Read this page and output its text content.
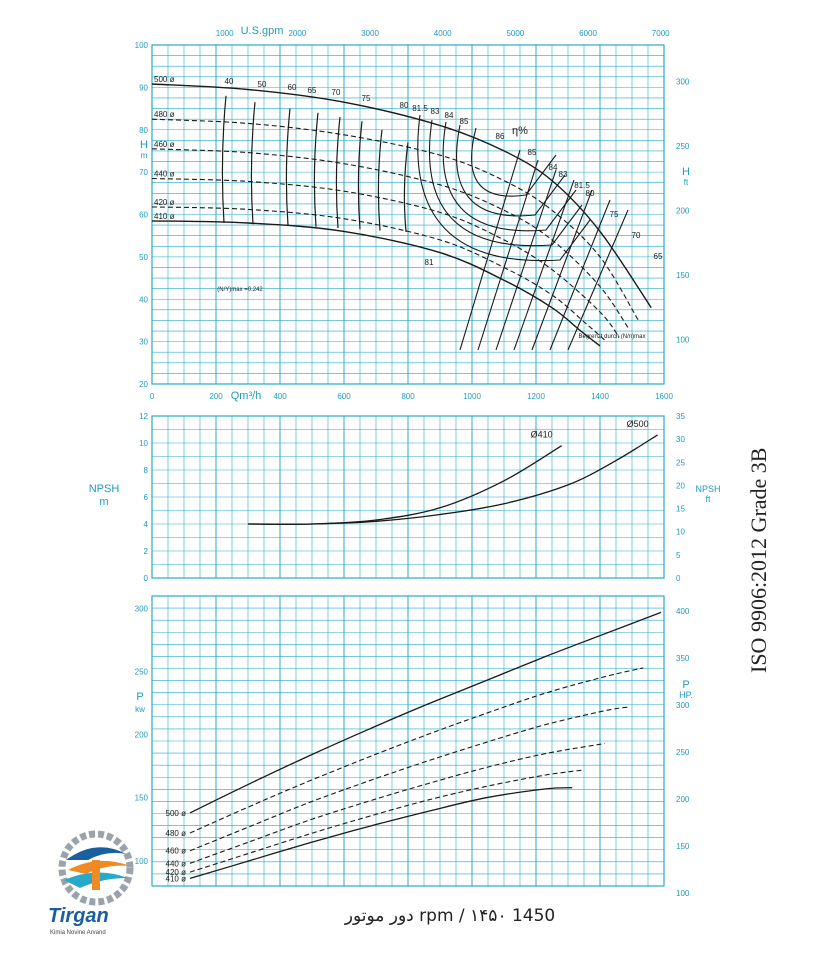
U.S.gpm
1000	2000	3000	4000	5000	6000	7000
0	200	400	600	800	1000	1200	1400	1600
Qm³/h
20
30
40
50
60
70
80
90
100
H
m
100
150
200
250
300
H
ft
500 ø
480 ø
460 ø
440 ø
420 ø
410 ø
40	50	60 65 70
75
80 81.5 83 84
85
86 η%
85
84
83
81.5
80
75
70
65
81
(N/Y)max =0.242
Begrenzt durch (N/n)max
0
2
4
6
8
10
12
NPSH
m
0
5
10
15
20
25
30
35
NPSH
ft
Ø410
Ø500
100
150
200
250
300
P
kw
100
150
200
250
300
350
400
P
HP.
500 ø
480 ø
460 ø
440 ø
420 ø
410 ø
ISO 9906:2012 Grade 3B
1450 rpm / ۱۴۵۰ دور موتور
Tirgan
Kimia Novine Arvand
